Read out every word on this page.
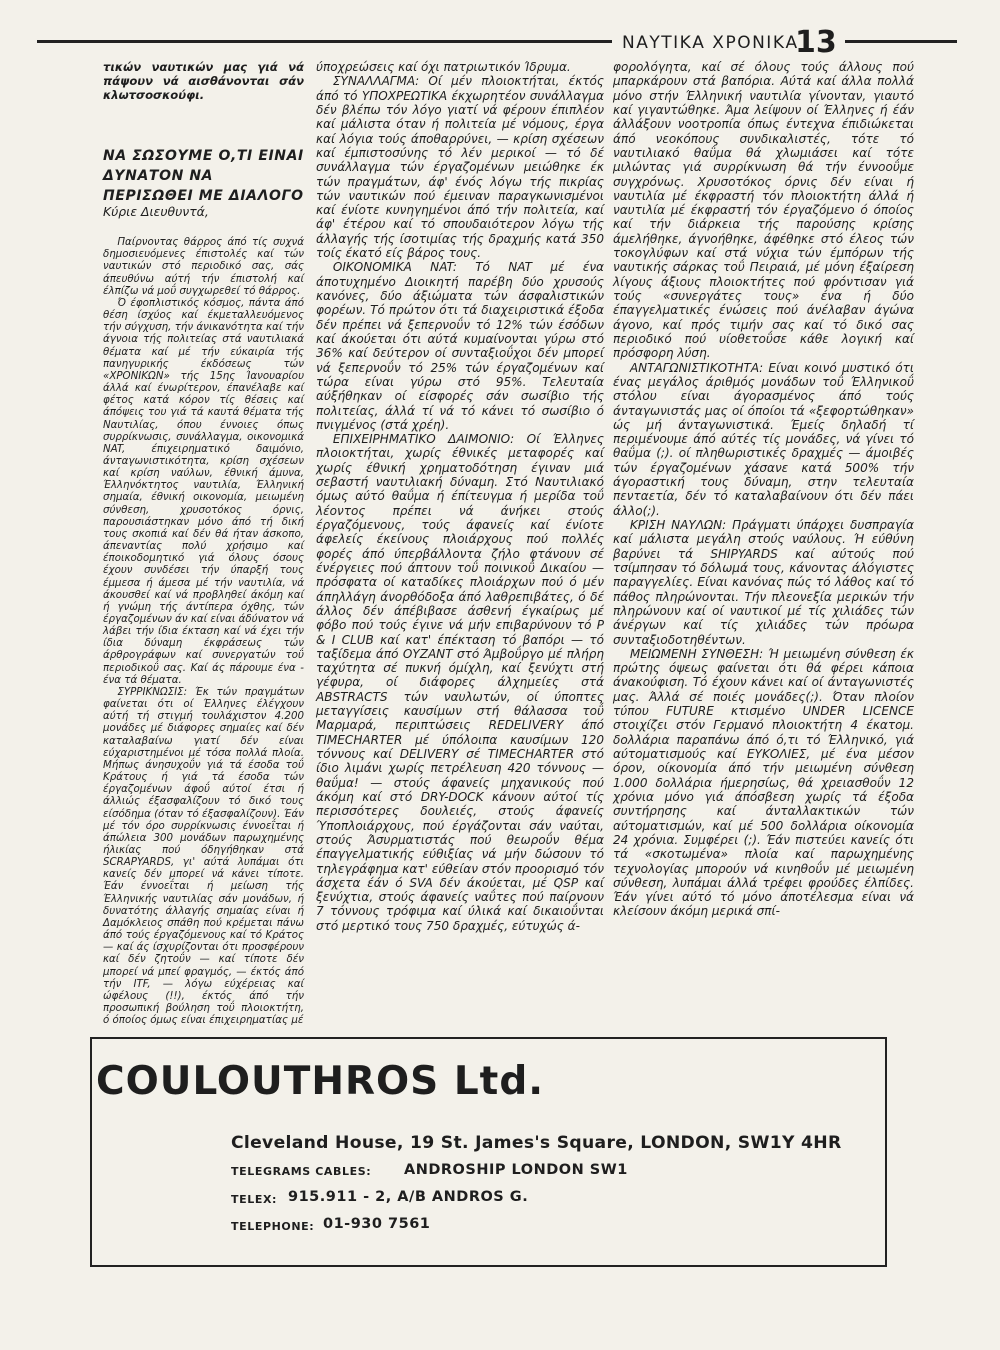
ΝΑΥΤΙΚΑ ΧΡΟΝΙΚΑ
13

τικών ναυτικών μας γιά νά πάψουν νά αισθάνονται σάν κλωτσοσκούφι.

ΝΑ ΣΩΣΟΥΜΕ Ο,ΤΙ ΕΙΝΑΙ ΔΥΝΑΤΟΝ ΝΑ ΠΕΡΙΣΩΘΕΙ ΜΕ ΔΙΑΛΟΓΟ

Κύριε Διευθυντά,

Παίρνοντας θάρρος άπό τίς συχνά δημοσιευόμενες έπιστολές καί τών ναυτικών στό περιοδικό σας, σάς άπευθύνω αύτή τήν έπιστολή καί έλπίζω νά μοΰ συγχωρεθεί τό θάρρος.

Ό έφοπλιστικός κόσμος, πάντα άπό θέση ίσχύος καί έκμεταλλευόμενος τήν σύγχυση, τήν άνικανότητα καί τήν άγνοια τής πολιτείας στά ναυτιλιακά θέματα καί μέ τήν εύκαιρία τής πανηγυρικής έκδόσεως τών «ΧΡΟΝΙΚΩΝ» τής 15ης Ίανουαρίου άλλά καί ένωρίτερον, έπανέλαβε καί φέτος κατά κόρον τίς θέσεις καί άπόψεις του γιά τά καυτά θέματα τής Ναυτιλίας, όπου έννοιες όπως συρρίκνωσις, συνάλλαγμα, οικονομικά NAT, έπιχειρηματικό δαιμόνιο, άνταγωνιστικότητα, κρίση σχέσεων καί κρίση ναύλων, έθνική άμυνα, Έλληνόκτητος ναυτιλία, Έλληνική σημαία, έθνική οικονομία, μειωμένη σύνθεση, χρυσοτόκος όρνις, παρουσιάστηκαν μόνο άπό τή δική τους σκοπιά καί δέν θά ήταν άσκοπο, άπεναντίας πολύ χρήσιμο καί έποικοδομητικό γιά όλους όσους έχουν συνδέσει τήν ύπαρξή τους έμμεσα ή άμεσα μέ τήν ναυτιλία, νά άκουσθεί καί νά προβληθεί άκόμη καί ή γνώμη τής άντίπερα όχθης, τών έργαζομένων άν καί είναι άδύνατον νά λάβει τήν ίδια έκταση καί νά έχει τήν ίδια δύναμη έκφράσεως τών άρθρογράφων καί συνεργατών τοΰ περιοδικοΰ σας. Καί άς πάρουμε ένα - ένα τά θέματα.

ΣΥΡΡΙΚΝΩΣΙΣ: Έκ τών πραγμάτων φαίνεται ότι οί Έλληνες έλέγχουν αύτή τή στιγμή τουλάχιστον 4.200 μονάδες μέ διάφορες σημαίες καί δέν καταλαβαίνω γιατί δέν είναι εύχαριστημένοι μέ τόσα πολλά πλοία. Μήπως άνησυχοΰν γιά τά έσοδα τοΰ Κράτους ή γιά τά έσοδα τών έργαζομένων άφοΰ αύτοί έτσι ή άλλιώς έξασφαλίζουν τό δικό τους είσόδημα (όταν τό έξασφαλίζουν). Έάν μέ τόν όρο συρρίκνωσις έννοεΐται ή άπώλεια 300 μονάδων παρωχημένης ήλικίας πού όδηγήθηκαν στά SCRAPYARDS, γι' αύτά λυπάμαι ότι κανείς δέν μπορεί νά κάνει τίποτε. Έάν έννοεΐται ή μείωση τής Έλληνικής ναυτιλίας σάν μονάδων, ή δυνατότης άλλαγής σημαίας είναι ή Δαμόκλειος σπάθη πού κρέμεται πάνω άπό τούς έργαζόμενους καί τό Κράτος — καί άς ίσχυρίζονται ότι προσφέρουν καί δέν ζητοΰν — καί τίποτε δέν μπορεί νά μπεί φραγμός, — έκτός άπό τήν ITF, — λόγω εύχέρειας καί ώφέλους (!!), έκτός άπό τήν προσωπική βούληση τοΰ πλοιοκτήτη, ό όποίος όμως είναι έπιχειρηματίας μέ

ύποχρεώσεις καί όχι πατριωτικόν Ίδρυμα.

ΣΥΝΑΛΛΑΓΜΑ: Οί μέν πλοιοκτήται, έκτός άπό τό ΥΠΟΧΡΕΩΤΙΚΑ έκχωρητέον συνάλλαγμα δέν βλέπω τόν λόγο γιατί νά φέρουν έπιπλέον καί μάλιστα όταν ή πολιτεία μέ νόμους, έργα καί λόγια τούς άποθαρρύνει, — κρίση σχέσεων καί έμπιστοσύνης τό λέν μερικοί — τό δέ συνάλλαγμα τών έργαζομένων μειώθηκε έκ τών πραγμάτων, άφ' ένός λόγω τής πικρίας τών ναυτικών πού έμειναν παραγκωνισμένοι καί ένίοτε κυνηγημένοι άπό τήν πολιτεία, καί άφ' έτέρου καί τό σπουδαιότερον λόγω τής άλλαγής τής ίσοτιμίας τής δραχμής κατά 350 τοίς έκατό είς βάρος τους.

ΟΙΚΟΝΟΜΙΚΑ NAT: Τό NAT μέ ένα άποτυχημένο Διοικητή παρέβη δύο χρυσούς κανόνες, δύο άξιώματα τών άσφαλιστικών φορέων. Τό πρώτον ότι τά διαχειριστικά έξοδα δέν πρέπει νά ξεπερνοΰν τό 12% τών έσόδων καί άκούεται ότι αύτά κυμαίνονται γύρω στό 36% καί δεύτερον οί συνταξιοΰχοι δέν μπορεί νά ξεπερνοΰν τό 25% τών έργαζομένων καί τώρα είναι γύρω στό 95%. Τελευταία αύξήθηκαν οί είσφορές σάν σωσίβιο τής πολιτείας, άλλά τί νά τό κάνει τό σωσίβιο ό πνιγμένος (στά χρέη).

ΕΠΙΧΕΙΡΗΜΑΤΙΚΟ ΔΑΙΜΟΝΙΟ: Οί Έλληνες πλοιοκτήται, χωρίς έθνικές μεταφορές καί χωρίς έθνική χρηματοδότηση έγιναν μιά σεβαστή ναυτιλιακή δύναμη. Στό Ναυτιλιακό όμως αύτό θαΰμα ή έπίτευγμα ή μερίδα τοΰ λέοντος πρέπει νά άνήκει στούς έργαζόμενους, τούς άφανείς καί ένίοτε άφελείς έκείνους πλοιάρχους πού πολλές φορές άπό ύπερβάλλοντα ζήλο φτάνουν σέ ένέργειες πού άπτουν τοΰ ποινικοΰ Δικαίου — πρόσφατα οί καταδίκες πλοιάρχων πού ό μέν άπηλλάγη άνορθόδοξα άπό λαθρεπιβάτες, ό δέ άλλος δέν άπέβιβασε άσθενή έγκαίρως μέ φόβο πού τούς έγινε νά μήν επιβαρύνουν τό P & I CLUB καί κατ' έπέκταση τό βαπόρι — τό ταξίδεμα άπό ΟΥΖΑΝΤ στό Άμβοΰργο μέ πλήρη ταχύτητα σέ πυκνή όμίχλη, καί ξενύχτι στή γέφυρα, οί διάφορες άλχημείες στά ABSTRACTS τών ναυλωτών, οί ύποπτες μεταγγίσεις καυσίμων στή θάλασσα τοΰ Μαρμαρά, περιπτώσεις REDELIVERY άπό TIMECHARTER μέ ύπόλοιπα καυσίμων 120 τόννους καί DELIVERY σέ TIMECHARTER στό ίδιο λιμάνι χωρίς πετρέλευση 420 τόννους — θαΰμα! — στούς άφανείς μηχανικούς πού άκόμη καί στό DRY-DOCK κάνουν αύτοί τίς περισσότερες δουλειές, στούς άφανείς Ύποπλοιάρχους, πού έργάζονται σάν ναύται, στούς Άσυρματιστάς πού θεωροΰν θέμα έπαγγελματικής εύθιξίας νά μήν δώσουν τό τηλεγράφημα κατ' εύθείαν στόν προορισμό τόν άσχετα έάν ό SVA δέν άκούεται, μέ QSP καί ξενύχτια, στούς άφανείς ναΰτες πού παίρνουν 7 τόννους τρόφιμα καί ύλικά καί δικαιοΰνται στό μερτικό τους 750 δραχμές, εύτυχώς ά-

φορολόγητα, καί σέ όλους τούς άλλους πού μπαρκάρουν στά βαπόρια. Αύτά καί άλλα πολλά μόνο στήν Έλληνική ναυτιλία γίνονταν, γιαυτό καί γιγαντώθηκε. Άμα λείψουν οί Έλληνες ή έάν άλλάξουν νοοτροπία όπως έντεχνα έπιδιώκεται άπό νεοκόπους συνδικαλιστές, τότε τό ναυτιλιακό θαΰμα θά χλωμιάσει καί τότε μιλώντας γιά συρρίκνωση θά τήν έννοοΰμε συγχρόνως. Χρυσοτόκος όρνις δέν είναι ή ναυτιλία μέ έκφραστή τόν πλοιοκτήτη άλλά ή ναυτιλία μέ έκφραστή τόν έργαζόμενο ό όποίος καί τήν διάρκεια τής παρούσης κρίσης άμελήθηκε, άγνοήθηκε, άφέθηκε στό έλεος τών τοκογλύφων καί στά νύχια τών έμπόρων τής ναυτικής σάρκας τοΰ Πειραιά, μέ μόνη έξαίρεση λίγους άξιους πλοιοκτήτες πού φρόντισαν γιά τούς «συνεργάτες τους» ένα ή δύο έπαγγελματικές ένώσεις πού άνέλαβαν άγώνα άγονο, καί πρός τιμήν σας καί τό δικό σας περιοδικό πού υίοθετοΰσε κάθε λογική καί πρόσφορη λύση.

ΑΝΤΑΓΩΝΙΣΤΙΚΟΤΗΤΑ: Είναι κοινό μυστικό ότι ένας μεγάλος άριθμός μονάδων τοΰ Έλληνικοΰ στόλου είναι άγορασμένος άπό τούς άνταγωνιστάς μας οί όποίοι τά «ξεφορτώθηκαν» ώς μή άνταγωνιστικά. Έμείς δηλαδή τί περιμένουμε άπό αύτές τίς μονάδες, νά γίνει τό θαΰμα (;). οί πληθωριστικές δραχμές — άμοιβές τών έργαζομένων χάσανε κατά 500% τήν άγοραστική τους δύναμη, στην τελευταία πενταετία, δέν τό καταλαβαίνουν ότι δέν πάει άλλο(;).

ΚΡΙΣΗ ΝΑΥΛΩΝ: Πράγματι ύπάρχει δυσπραγία καί μάλιστα μεγάλη στούς ναύλους. Ή εύθύνη βαρύνει τά SHIPYARDS καί αύτούς πού τσίμπησαν τό δόλωμά τους, κάνοντας άλόγιστες παραγγελίες. Είναι κανόνας πώς τό λάθος καί τό πάθος πληρώνονται. Τήν πλεονεξία μερικών τήν πληρώνουν καί οί ναυτικοί μέ τίς χιλιάδες τών άνέργων καί τίς χιλιάδες τών πρόωρα συνταξιοδοτηθέντων.

ΜΕΙΩΜΕΝΗ ΣΥΝΘΕΣΗ: Ή μειωμένη σύνθεση έκ πρώτης όψεως φαίνεται ότι θά φέρει κάποια άνακούφιση. Τό έχουν κάνει καί οί άνταγωνιστές μας. Άλλά σέ ποιές μονάδες(;). Όταν πλοίον τύπου FUTURE κτισμένο UNDER LICENCE στοιχίζει στόν Γερμανό πλοιοκτήτη 4 έκατομ. δολλάρια παραπάνω άπό ό,τι τό Έλληνικό, γιά αύτοματισμούς καί ΕΥΚΟΛΙΕΣ, μέ ένα μέσον όρον, οίκονομία άπό τήν μειωμένη σύνθεση 1.000 δολλάρια ήμερησίως, θά χρειασθοΰν 12 χρόνια μόνο γιά άπόσβεση χωρίς τά έξοδα συντήρησης καί άνταλλακτικών τών αύτοματισμών, καί μέ 500 δολλάρια οίκονομία 24 χρόνια. Συμφέρει (;). Έάν πιστεύει κανείς ότι τά «σκοτωμένα» πλοία καί παρωχημένης τεχνολογίας μπορούν νά κινηθοΰν μέ μειωμένη σύνθεση, λυπάμαι άλλά τρέφει φρούδες έλπίδες. Έάν γίνει αύτό τό μόνο άποτέλεσμα είναι νά κλείσουν άκόμη μερικά σπί-

COULOUTHROS Ltd.
Cleveland House, 19 St. James's Square, LONDON, SW1Y 4HR
TELEGRAMS CABLES: ANDROSHIP LONDON SW1
TELEX: 915.911 - 2, A/B ANDROS G.
TELEPHONE: 01-930 7561
